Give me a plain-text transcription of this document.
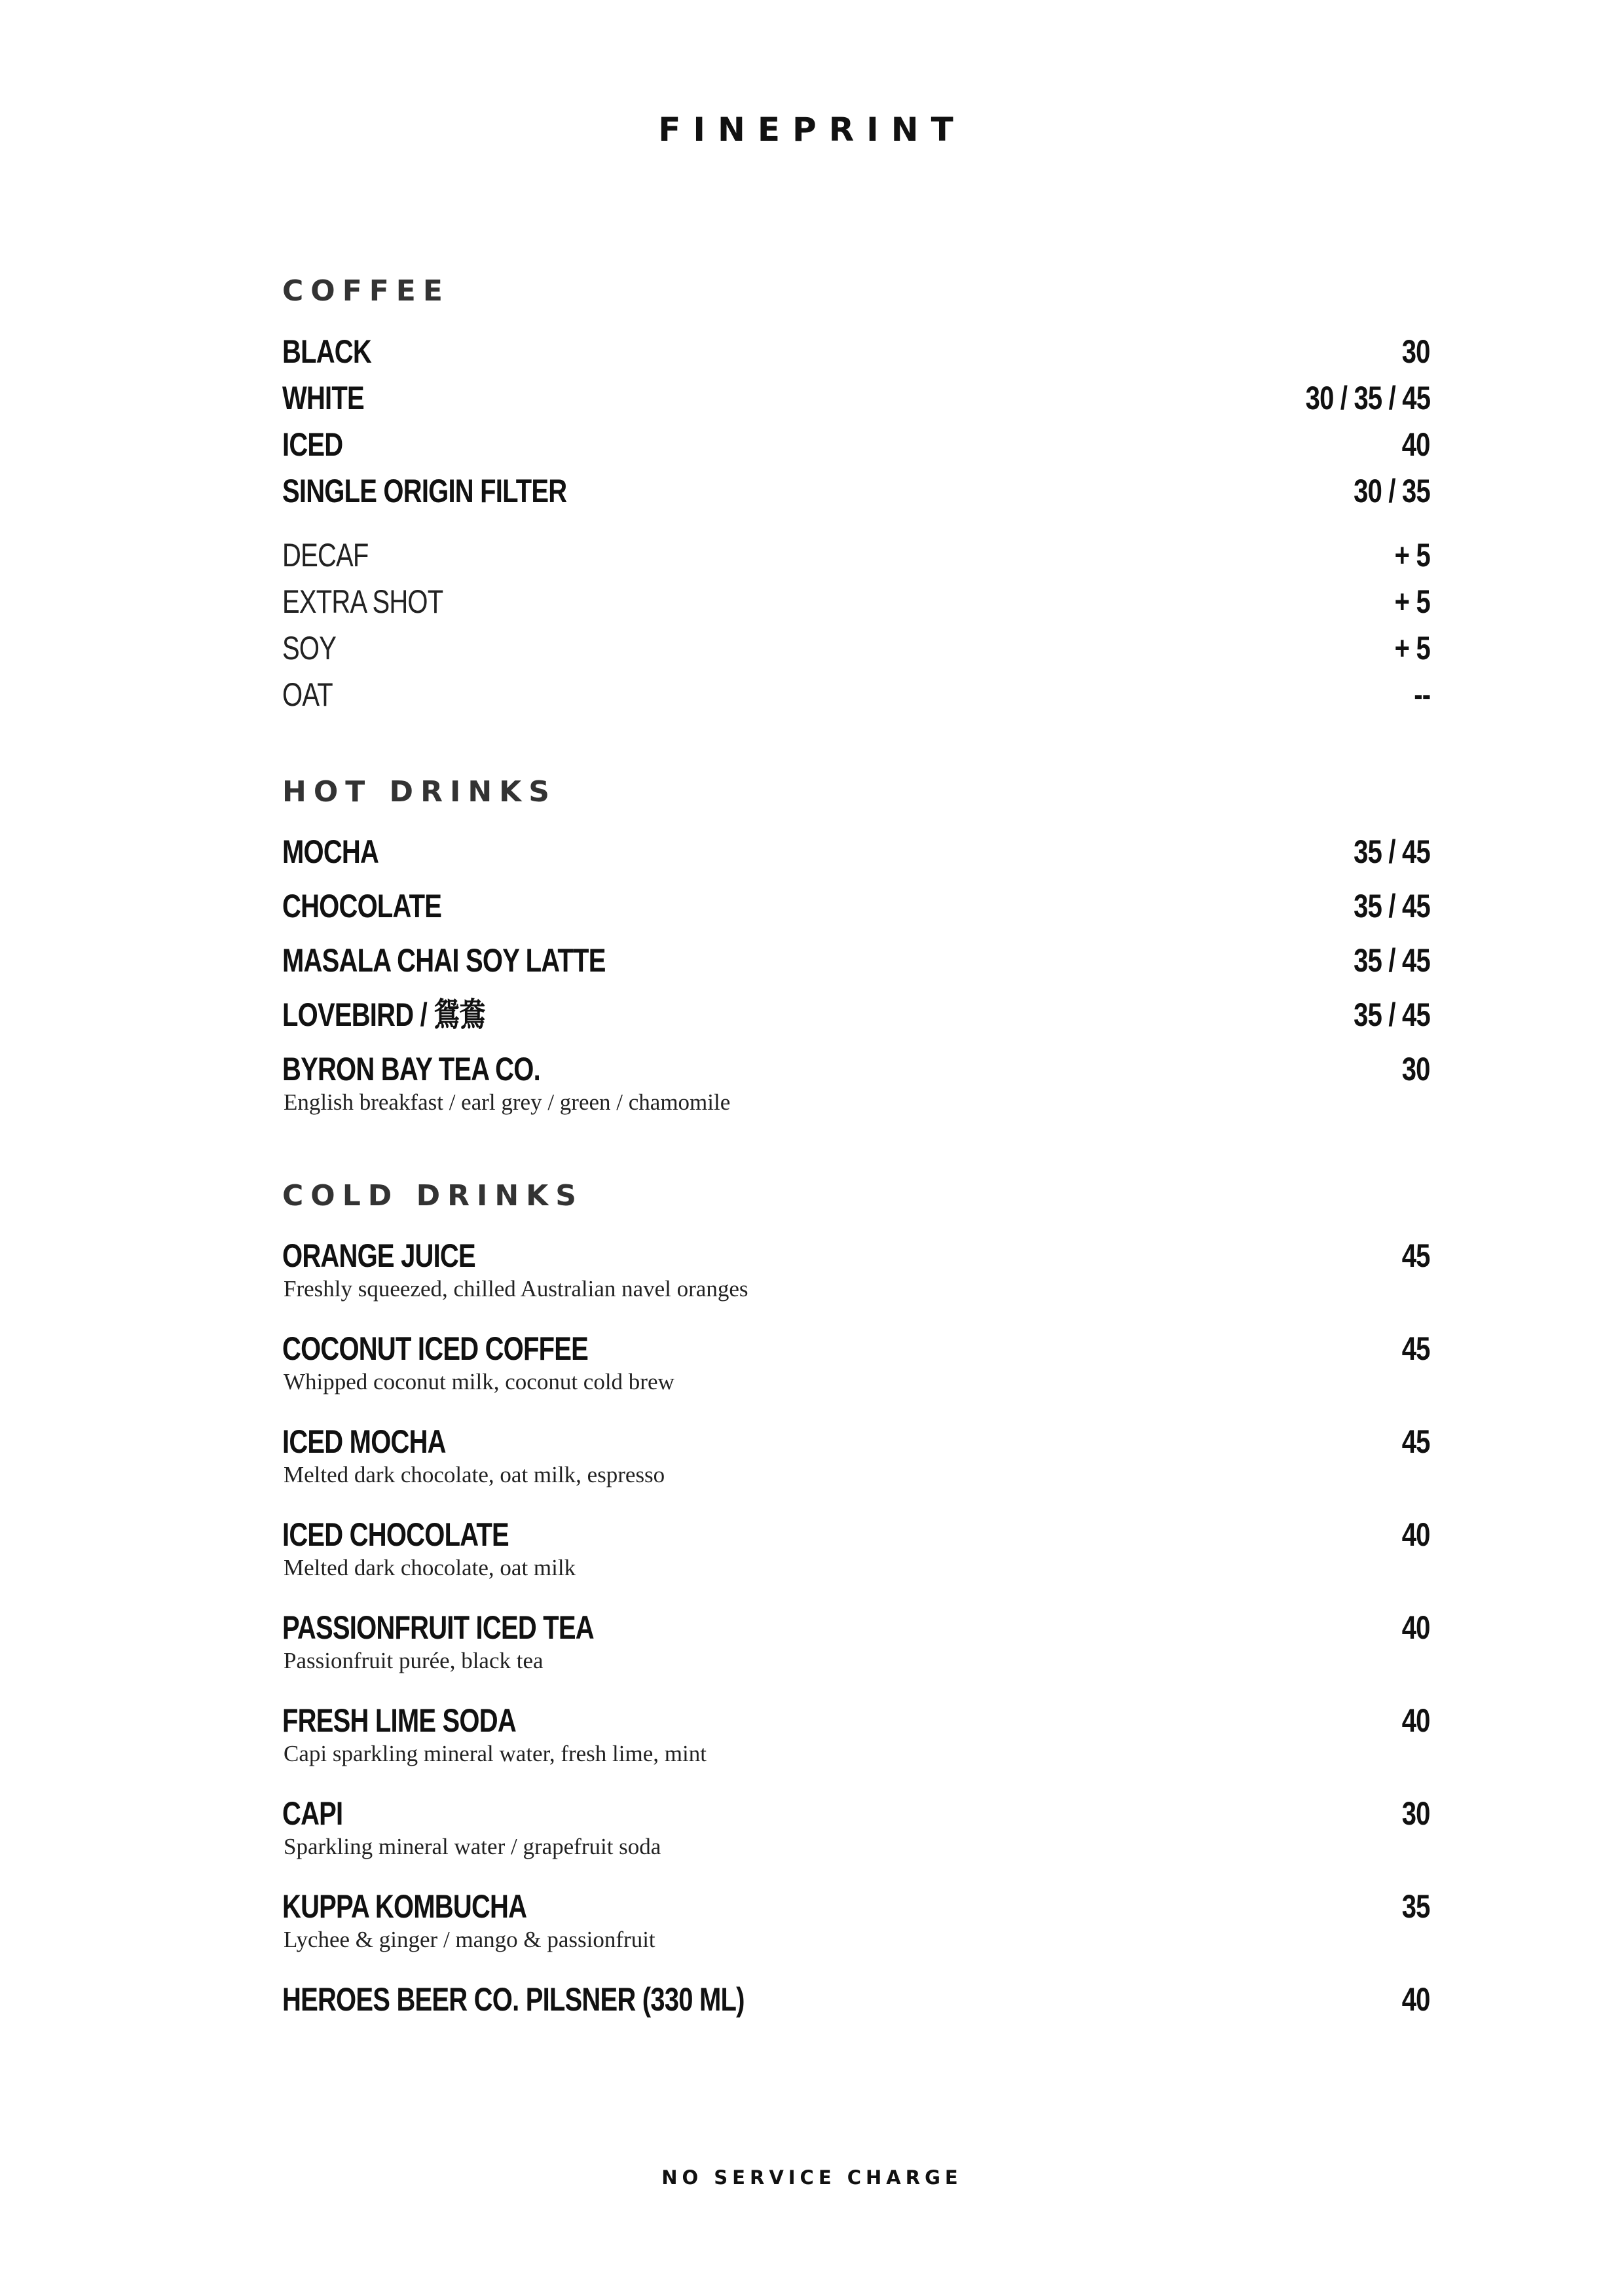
FINEPRINT
COFFEE
BLACK	30
WHITE	30 / 35 / 45
ICED	40
SINGLE ORIGIN FILTER	30 / 35
DECAF	+ 5
EXTRA SHOT	+ 5
SOY	+ 5
OAT	--
HOT DRINKS
MOCHA	35 / 45
CHOCOLATE	35 / 45
MASALA CHAI SOY LATTE	35 / 45
LOVEBIRD / 鴛鴦	35 / 45
BYRON BAY TEA CO.	30
English breakfast / earl grey / green / chamomile
COLD DRINKS
ORANGE JUICE	45
Freshly squeezed, chilled Australian navel oranges
COCONUT ICED COFFEE	45
Whipped coconut milk, coconut cold brew
ICED MOCHA	45
Melted dark chocolate, oat milk, espresso
ICED CHOCOLATE	40
Melted dark chocolate, oat milk
PASSIONFRUIT ICED TEA	40
Passionfruit purée, black tea
FRESH LIME SODA	40
Capi sparkling mineral water, fresh lime, mint
CAPI	30
Sparkling mineral water / grapefruit soda
KUPPA KOMBUCHA	35
Lychee & ginger / mango & passionfruit
HEROES BEER CO. PILSNER (330 ML)	40
NO SERVICE CHARGE
